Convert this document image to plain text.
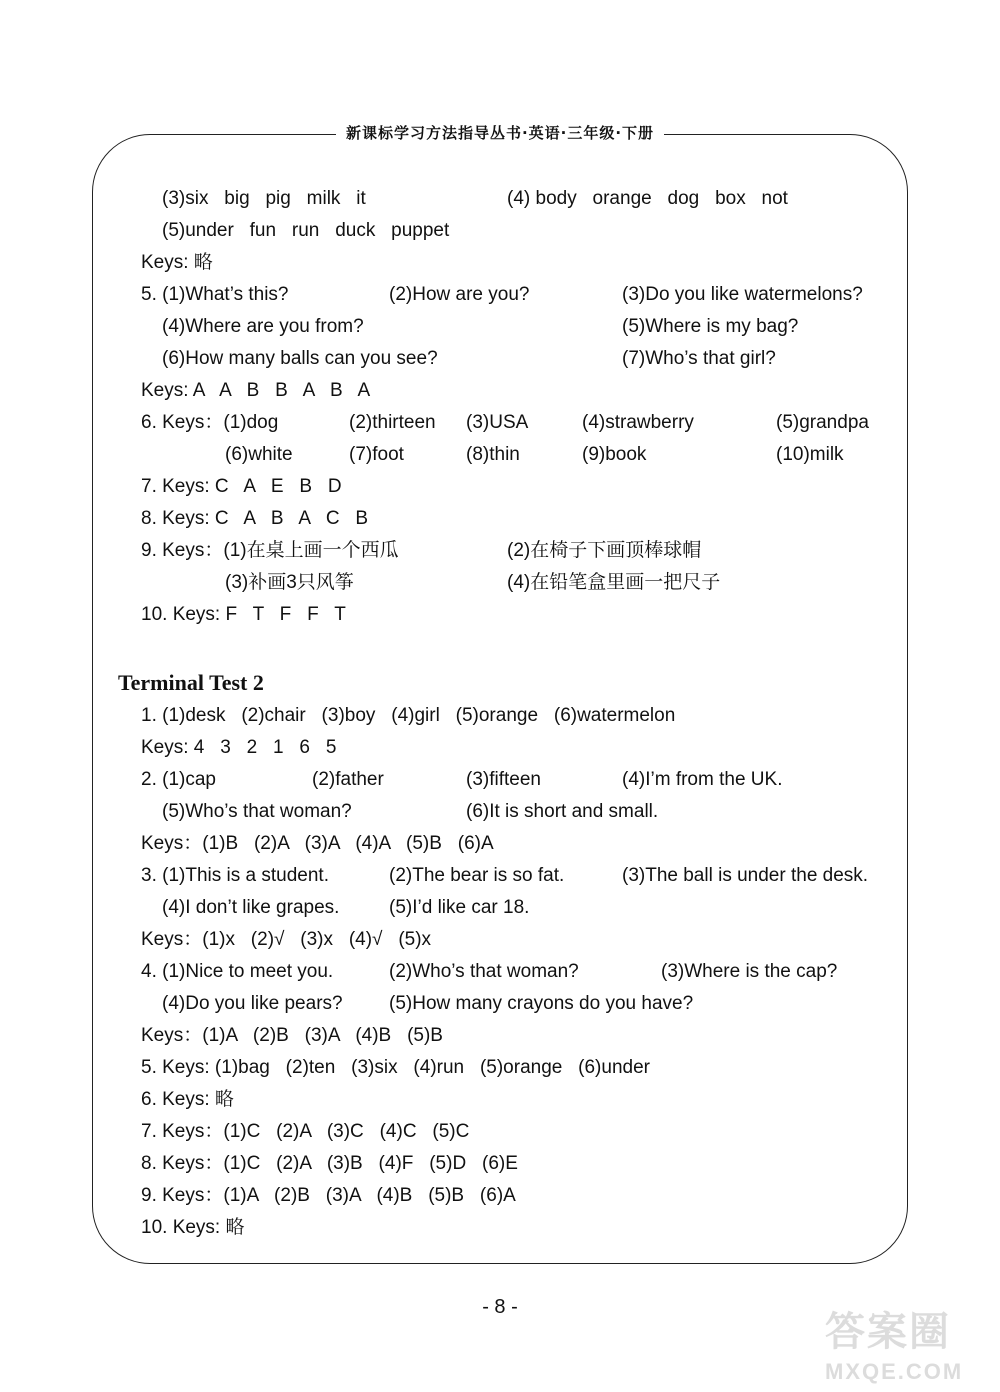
新课标学习方法指导丛书·英语·三年级·下册
(3)six   big   pig   milk   it	(4) body   orange   dog   box   not
(5)under   fun   run   duck   puppet
Keys: 略
5. (1)What’s this?	(2)How are you?	(3)Do you like watermelons?
(4)Where are you from?	(5)Where is my bag?
(6)How many balls can you see?	(7)Who’s that girl?
Keys: A   A   B   B   A   B   A
6. Keys：(1)dog	(2)thirteen (3)USA	(4)strawberry	(5)grandpa
(6)white	(7)foot	(8)thin	(9)book	(10)milk
7. Keys: C   A   E   B   D
8. Keys: C   A   B   A   C   B
9. Keys：(1)在桌上画一个西瓜	(2)在椅子下画顶棒球帽
(3)补画3只风筝	(4)在铅笔盒里画一把尺子
10. Keys: F   T   F   F   T
Terminal Test 2
1. (1)desk   (2)chair   (3)boy   (4)girl   (5)orange   (6)watermelon
Keys: 4   3   2   1   6   5
2. (1)cap	(2)father	(3)fifteen	(4)I’m from the UK.
(5)Who’s that woman?	(6)It is short and small.
Keys：(1)B   (2)A   (3)A   (4)A   (5)B   (6)A
3. (1)This is a student.	(2)The bear is so fat.	(3)The ball is under the desk.
(4)I don’t like grapes.	(5)I’d like car 18.
Keys：(1)x   (2)√   (3)x   (4)√   (5)x
4. (1)Nice to meet you.	(2)Who’s that woman?	(3)Where is the cap?
(4)Do you like pears? (5)How many crayons do you have?
Keys：(1)A   (2)B   (3)A   (4)B   (5)B
5. Keys: (1)bag   (2)ten   (3)six   (4)run   (5)orange   (6)under
6. Keys: 略
7. Keys：(1)C   (2)A   (3)C   (4)C   (5)C
8. Keys：(1)C   (2)A   (3)B   (4)F   (5)D   (6)E
9. Keys：(1)A   (2)B   (3)A   (4)B   (5)B   (6)A
10. Keys: 略
- 8 -
答案圈
MXQE.COM
